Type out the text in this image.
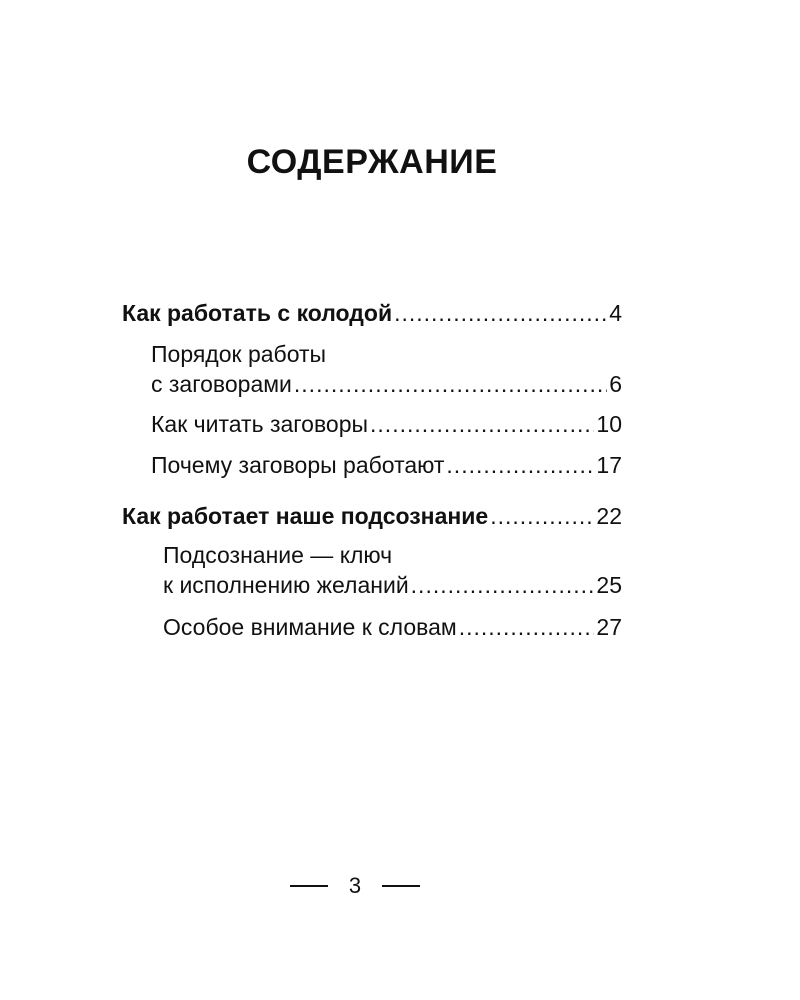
СОДЕРЖАНИЕ
Как работать с колодой .....	4
Порядок работы
с заговорами .....	6
Как читать заговоры .....	10
Почему заговоры работают .....	17
Как работает наше подсознание .....	22
Подсознание — ключ
к исполнению желаний .....	25
Особое внимание к словам .....	27
3
